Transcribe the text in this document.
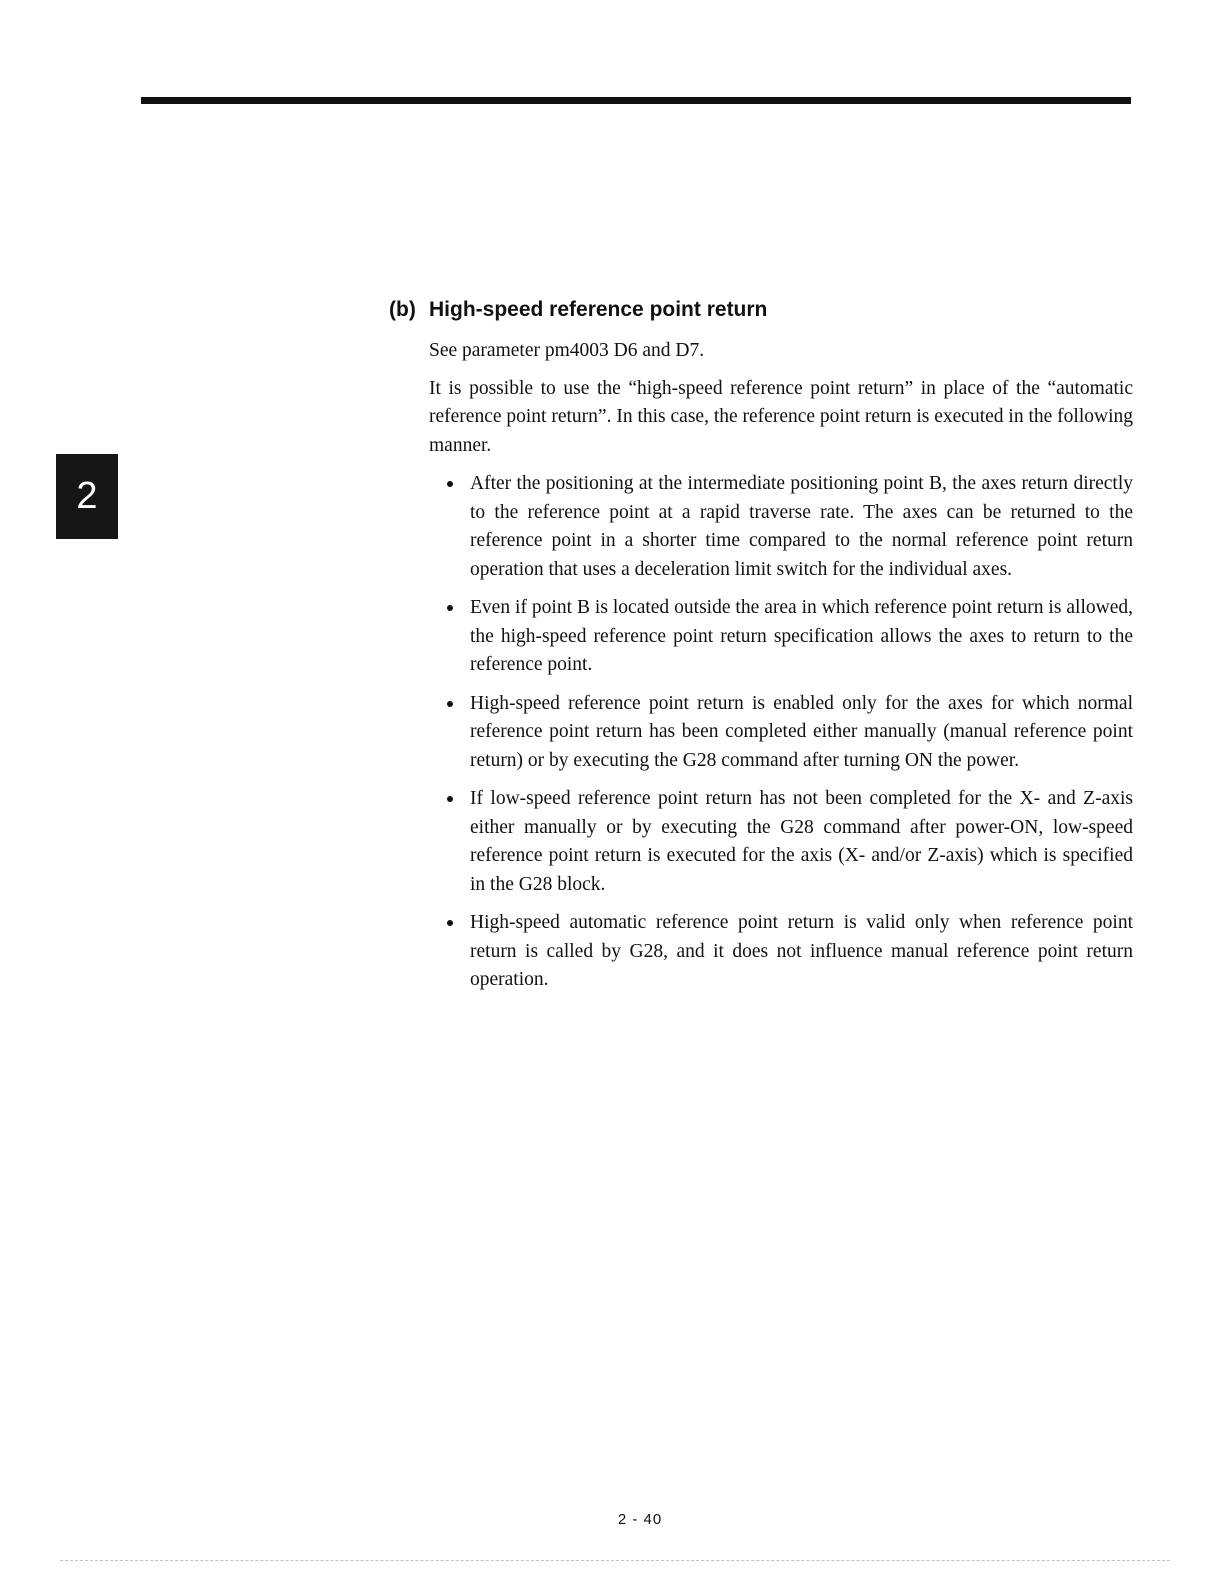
2
(b) High-speed reference point return

See parameter pm4003 D6 and D7.

It is possible to use the “high-speed reference point return” in place of the “automatic reference point return”. In this case, the reference point return is executed in the following manner.

After the positioning at the intermediate positioning point B, the axes return directly to the reference point at a rapid traverse rate. The axes can be returned to the reference point in a shorter time compared to the normal reference point return operation that uses a deceleration limit switch for the individual axes.
Even if point B is located outside the area in which reference point return is allowed, the high-speed reference point return specification allows the axes to return to the reference point.
High-speed reference point return is enabled only for the axes for which normal reference point return has been completed either manually (manual reference point return) or by executing the G28 command after turning ON the power.
If low-speed reference point return has not been completed for the X- and Z-axis either manually or by executing the G28 command after power-ON, low-speed reference point return is executed for the axis (X- and/or Z-axis) which is specified in the G28 block.
High-speed automatic reference point return is valid only when reference point return is called by G28, and it does not influence manual reference point return operation.
2 - 40
